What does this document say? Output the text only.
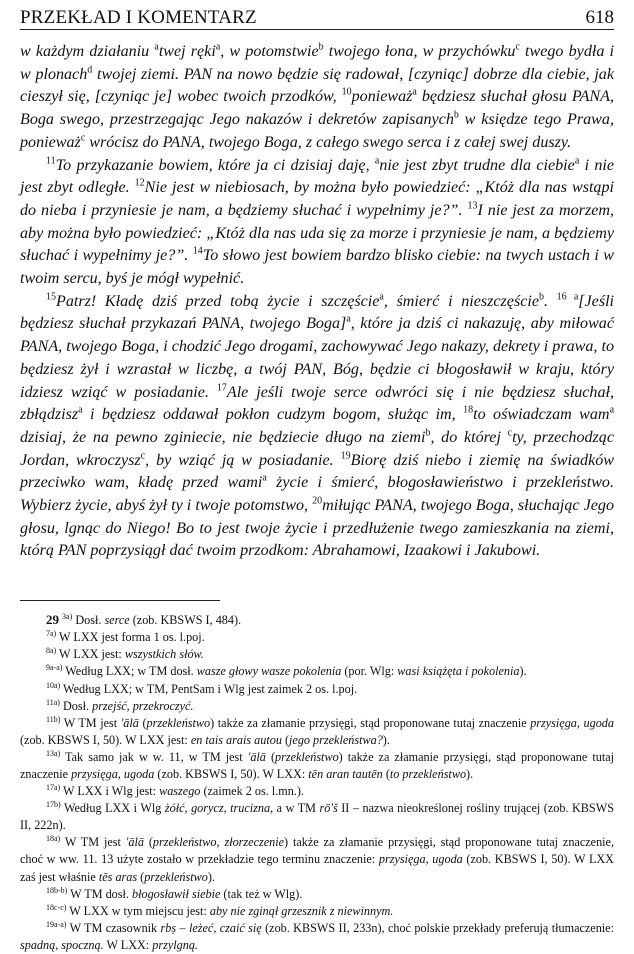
PRZEKŁAD I KOMENTARZ	618

w każdym działaniu $^a$twej ręki$^a$, w potomstwie$^b$ twojego łona, w przychówku$^c$ twego bydła i w plonach$^d$ twojej ziemi. PAN na nowo będzie się radował, [czyniąc] dobrze dla ciebie, jak cieszył się, [czyniąc je] wobec twoich przodków, $^{10}$ponieważ$^a$ będziesz słuchał głosu PANA, Boga swego, przestrzegając Jego nakazów i dekretów zapisanych$^b$ w księdze tego Prawa, ponieważ$^c$ wrócisz do PANA, twojego Boga, z całego swego serca i z całej swej duszy.

$^{11}$To przykazanie bowiem, które ja ci dzisiaj daję, $^a$nie jest zbyt trudne dla ciebie$^a$ i nie jest zbyt odległe. $^{12}$Nie jest w niebiosach, by można było powiedzieć: „Któż dla nas wstąpi do nieba i przyniesie je nam, a będziemy słuchać i wypełnimy je?”. $^{13}$I nie jest za morzem, aby można było powiedzieć: „Któż dla nas uda się za morze i przyniesie je nam, a będziemy słuchać i wypełnimy je?”. $^{14}$To słowo jest bowiem bardzo blisko ciebie: na twych ustach i w twoim sercu, byś je mógł wypełnić.

$^{15}$Patrz! Kładę dziś przed tobą życie i szczęście$^a$, śmierć i nieszczęście$^b$. $^{16}$ $^a$[Jeśli będziesz słuchał przykazań PANA, twojego Boga]$^a$, które ja dziś ci nakazuję, aby miłować PANA, twojego Boga, i chodzić Jego drogami, zachowywać Jego nakazy, dekrety i prawa, to będziesz żył i wzrastał w liczbę, a twój PAN, Bóg, będzie ci błogosławił w kraju, który idziesz wziąć w posiadanie. $^{17}$Ale jeśli twoje serce odwróci się i nie będziesz słuchał, zbłądzisz$^a$ i będziesz oddawał pokłon cudzym bogom, służąc im, $^{18}$to oświadczam wam$^a$ dzisiaj, że na pewno zginiecie, nie będziecie długo na ziemi$^b$, do której $^c$ty, przechodząc Jordan, wkroczysz$^c$, by wziąć ją w posiadanie. $^{19}$Biorę dziś niebo i ziemię na świadków przeciwko wam, kładę przed wami$^a$ życie i śmierć, błogosławieństwo i przekleństwo. Wybierz życie, abyś żył ty i twoje potomstwo, $^{20}$miłując PANA, twojego Boga, słuchając Jego głosu, lgnąc do Niego! Bo to jest twoje życie i przedłużenie twego zamieszkania na ziemi, którą PAN poprzysiągł dać twoim przodkom: Abrahamowi, Izaakowi i Jakubowi.

29 $^{3a)}$ Dosł. serce (zob. KBSWS I, 484).

$^{7a)}$ W LXX jest forma 1 os. l.poj.

$^{8a)}$ W LXX jest: wszystkich słów.

$^{9a-a)}$ Według LXX; w TM dosł. wasze głowy wasze pokolenia (por. Wlg: wasi książęta i pokolenia).

$^{10a)}$ Według LXX; w TM, PentSam i Wlg jest zaimek 2 os. l.poj.

$^{11a)}$ Dosł. przejść, przekroczyć.

$^{11b)}$ W TM jest 'ālā (przekleństwo) także za złamanie przysięgi, stąd proponowane tutaj znaczenie przysięga, ugoda (zob. KBSWS I, 50). W LXX jest: en tais arais autou (jego przekleństwa?).

$^{13a)}$ Tak samo jak w w. 11, w TM jest 'ālā (przekleństwo) także za złamanie przysięgi, stąd proponowane tutaj znaczenie przysięga, ugoda (zob. KBSWS I, 50). W LXX: tēn aran tautēn (to przekleństwo).

$^{17a)}$ W LXX i Wlg jest: waszego (zaimek 2 os. l.mn.).

$^{17b)}$ Według LXX i Wlg żółć, gorycz, trucizna, a w TM rō'š II – nazwa nieokreślonej rośliny trującej (zob. KBSWS II, 222n).

$^{18a)}$ W TM jest 'ālā (przekleństwo, złorzeczenie) także za złamanie przysięgi, stąd proponowane tutaj znaczenie, choć w ww. 11. 13 użyte zostało w przekładzie tego terminu znaczenie: przysięga, ugoda (zob. KBSWS I, 50). W LXX zaś jest właśnie tēs aras (przekleństwo).

$^{18b-b)}$ W TM dosł. błogosławił siebie (tak też w Wlg).

$^{18c-c)}$ W LXX w tym miejscu jest: aby nie zginął grzesznik z niewinnym.

$^{19a-a)}$ W TM czasownik rbṣ – leżeć, czaić się (zob. KBSWS II, 233n), choć polskie przekłady preferują tłumaczenie: spadną, spoczną. W LXX: przylgną.
